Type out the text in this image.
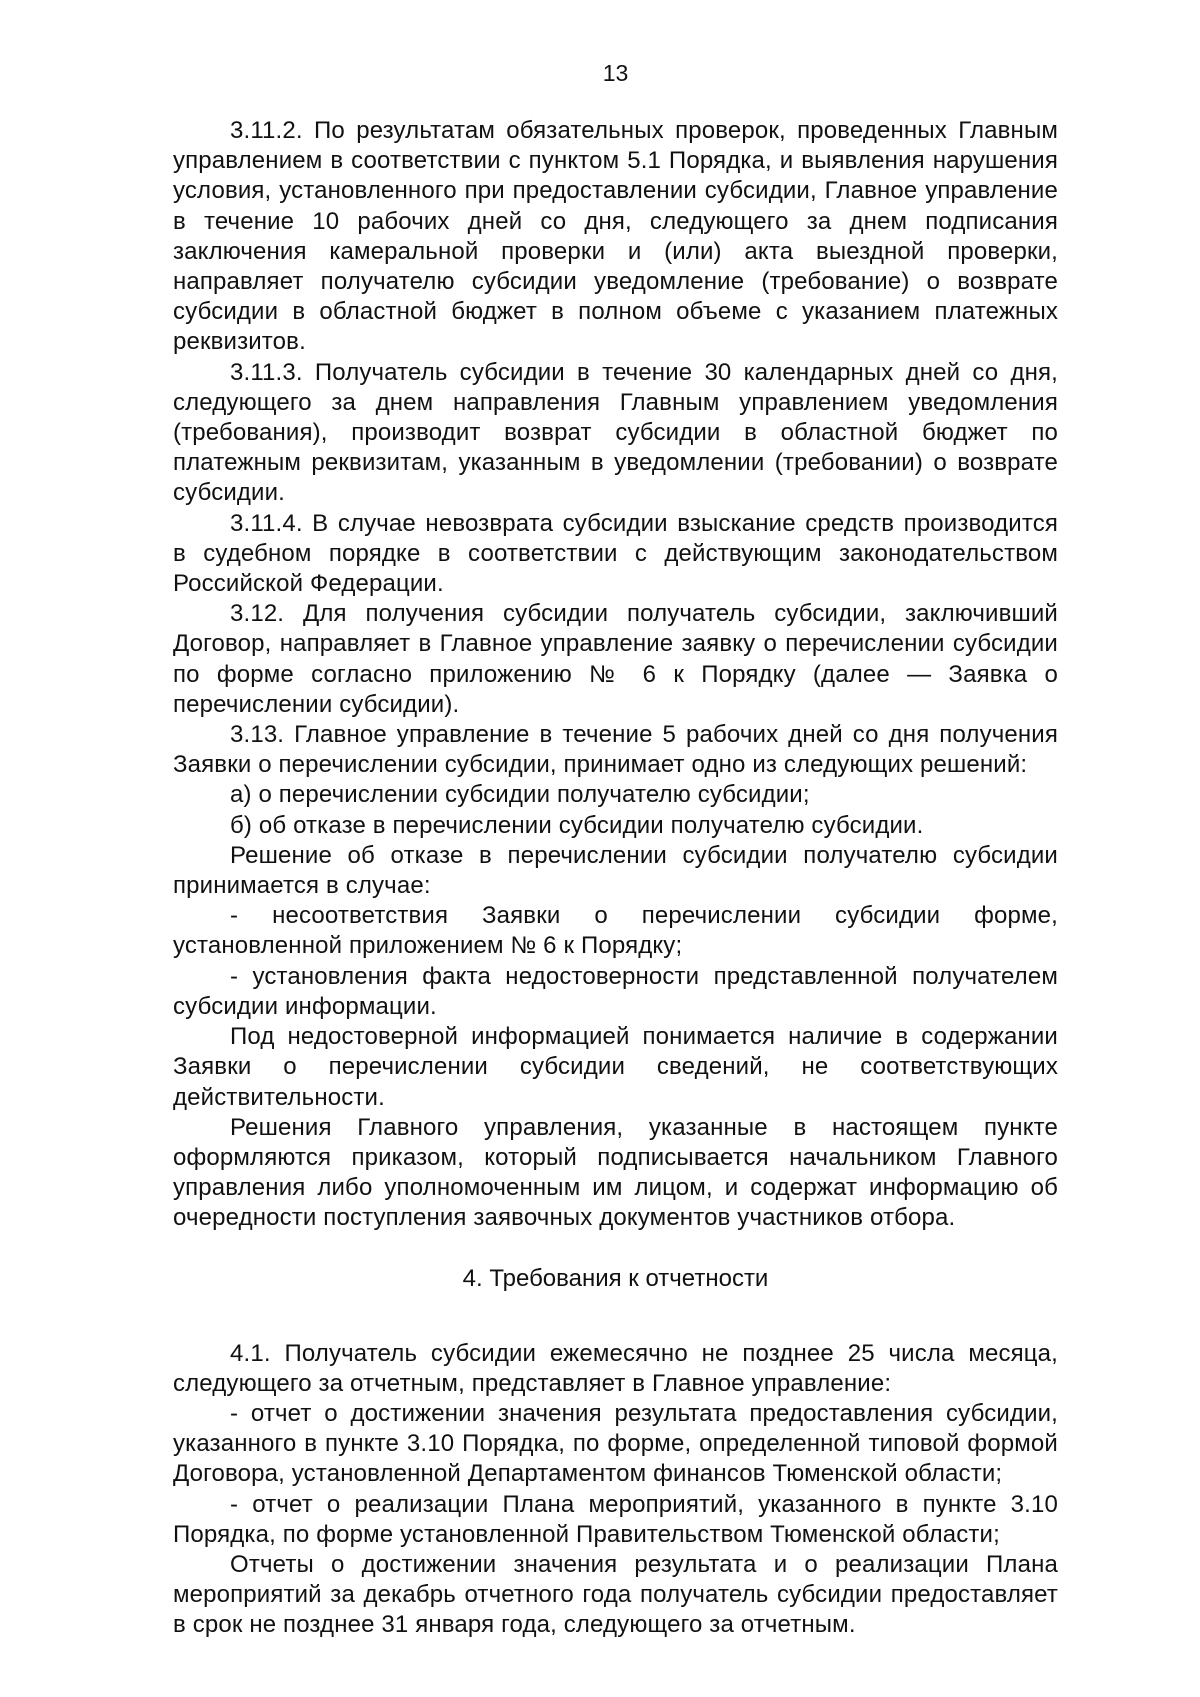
13

3.11.2. По результатам обязательных проверок, проведенных Главным управлением в соответствии с пунктом 5.1 Порядка, и выявления нарушения условия, установленного при предоставлении субсидии, Главное управление в течение 10 рабочих дней со дня, следующего за днем подписания заключения камеральной проверки и (или) акта выездной проверки, направляет получателю субсидии уведомление (требование) о возврате субсидии в областной бюджет в полном объеме с указанием платежных реквизитов.

3.11.3. Получатель субсидии в течение 30 календарных дней со дня, следующего за днем направления Главным управлением уведомления (требования), производит возврат субсидии в областной бюджет по платежным реквизитам, указанным в уведомлении (требовании) о возврате субсидии.

3.11.4. В случае невозврата субсидии взыскание средств производится в судебном порядке в соответствии с действующим законодательством Российской Федерации.

3.12. Для получения субсидии получатель субсидии, заключивший Договор, направляет в Главное управление заявку о перечислении субсидии по форме согласно приложению № 6 к Порядку (далее — Заявка о перечислении субсидии).

3.13. Главное управление в течение 5 рабочих дней со дня получения Заявки о перечислении субсидии, принимает одно из следующих решений:

а) о перечислении субсидии получателю субсидии;

б) об отказе в перечислении субсидии получателю субсидии.

Решение об отказе в перечислении субсидии получателю субсидии принимается в случае:

- несоответствия Заявки о перечислении субсидии форме, установленной приложением № 6 к Порядку;

- установления факта недостоверности представленной получателем субсидии информации.

Под недостоверной информацией понимается наличие в содержании Заявки о перечислении субсидии сведений, не соответствующих действительности.

Решения Главного управления, указанные в настоящем пункте оформляются приказом, который подписывается начальником Главного управления либо уполномоченным им лицом, и содержат информацию об очередности поступления заявочных документов участников отбора.

4. Требования к отчетности

4.1. Получатель субсидии ежемесячно не позднее 25 числа месяца, следующего за отчетным, представляет в Главное управление:

- отчет о достижении значения результата предоставления субсидии, указанного в пункте 3.10 Порядка, по форме, определенной типовой формой Договора, установленной Департаментом финансов Тюменской области;

- отчет о реализации Плана мероприятий, указанного в пункте 3.10 Порядка, по форме установленной Правительством Тюменской области;

Отчеты о достижении значения результата и о реализации Плана мероприятий за декабрь отчетного года получатель субсидии предоставляет в срок не позднее 31 января года, следующего за отчетным.
